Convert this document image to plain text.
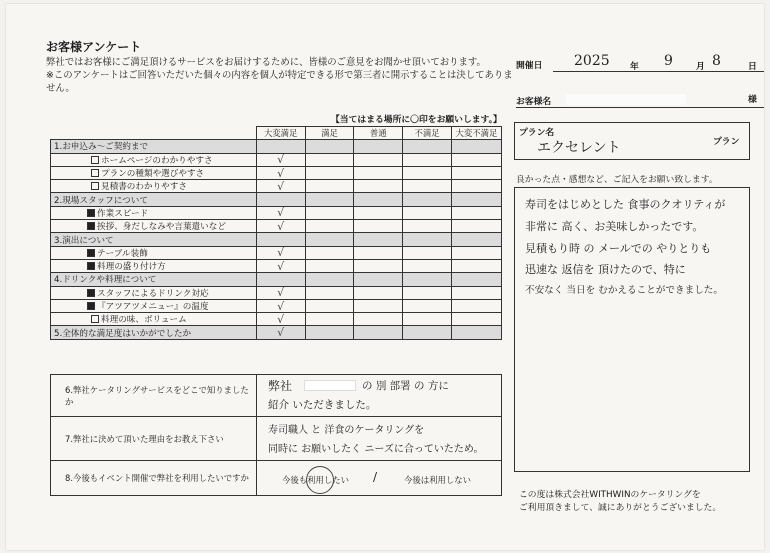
お客様アンケート
弊社ではお客様にご満足頂けるサービスをお届けするために、皆様のご意見をお聞かせ頂いております。
※このアンケートはご回答いただいた個々の内容を個人が特定できる形で第三者に開示することは決してありま
せん。
【当てはまる場所に〇印をお願いします。】
	大変満足	満足	普通	不満足	大変不満足
1.お申込み～ご契約まで					
ホームページのわかりやすさ	√				
プランの種類や選びやすさ	√				
見積書のわかりやすさ	√				
2.現場スタッフについて					
作業スピード	√				
挨拶、身だしなみや言葉遣いなど	√				
3.演出について					
テーブル装飾	√				
料理の盛り付け方	√				
4.ドリンクや料理について					
スタッフによるドリンク対応	√				
『アツアツメニュー』の温度	√				
料理の味、ボリューム	√				
5.全体的な満足度はいかがでしたか	√				
6.弊社ケータリングサービスをどこで知りましたか
弊社	の 別 部署 の 方に
紹介 いただきました。
7.弊社に決めて頂いた理由をお教え下さい
寿司職人 と 洋食のケータリングを
同時に お願いしたく ニーズに合っていたため。
8.今後もイベント開催で弊社を利用したいですか	今後も利用したい /	今後は利用しない
開催日 2025 年 9	月 8	日
お客様名	様
プラン名
エクセレント	プラン
良かった点・感想など、ご記入をお願い致します。
寿司をはじめとした 食事のクオリティが
非常に 高く、お美味しかったです。
見積もり時 の メールでの やりとりも
迅速な 返信を 頂けたので、特に
不安なく 当日を むかえることができました。
この度は株式会社WITHWINのケータリングを
ご利用頂きまして、誠にありがとうございました。
